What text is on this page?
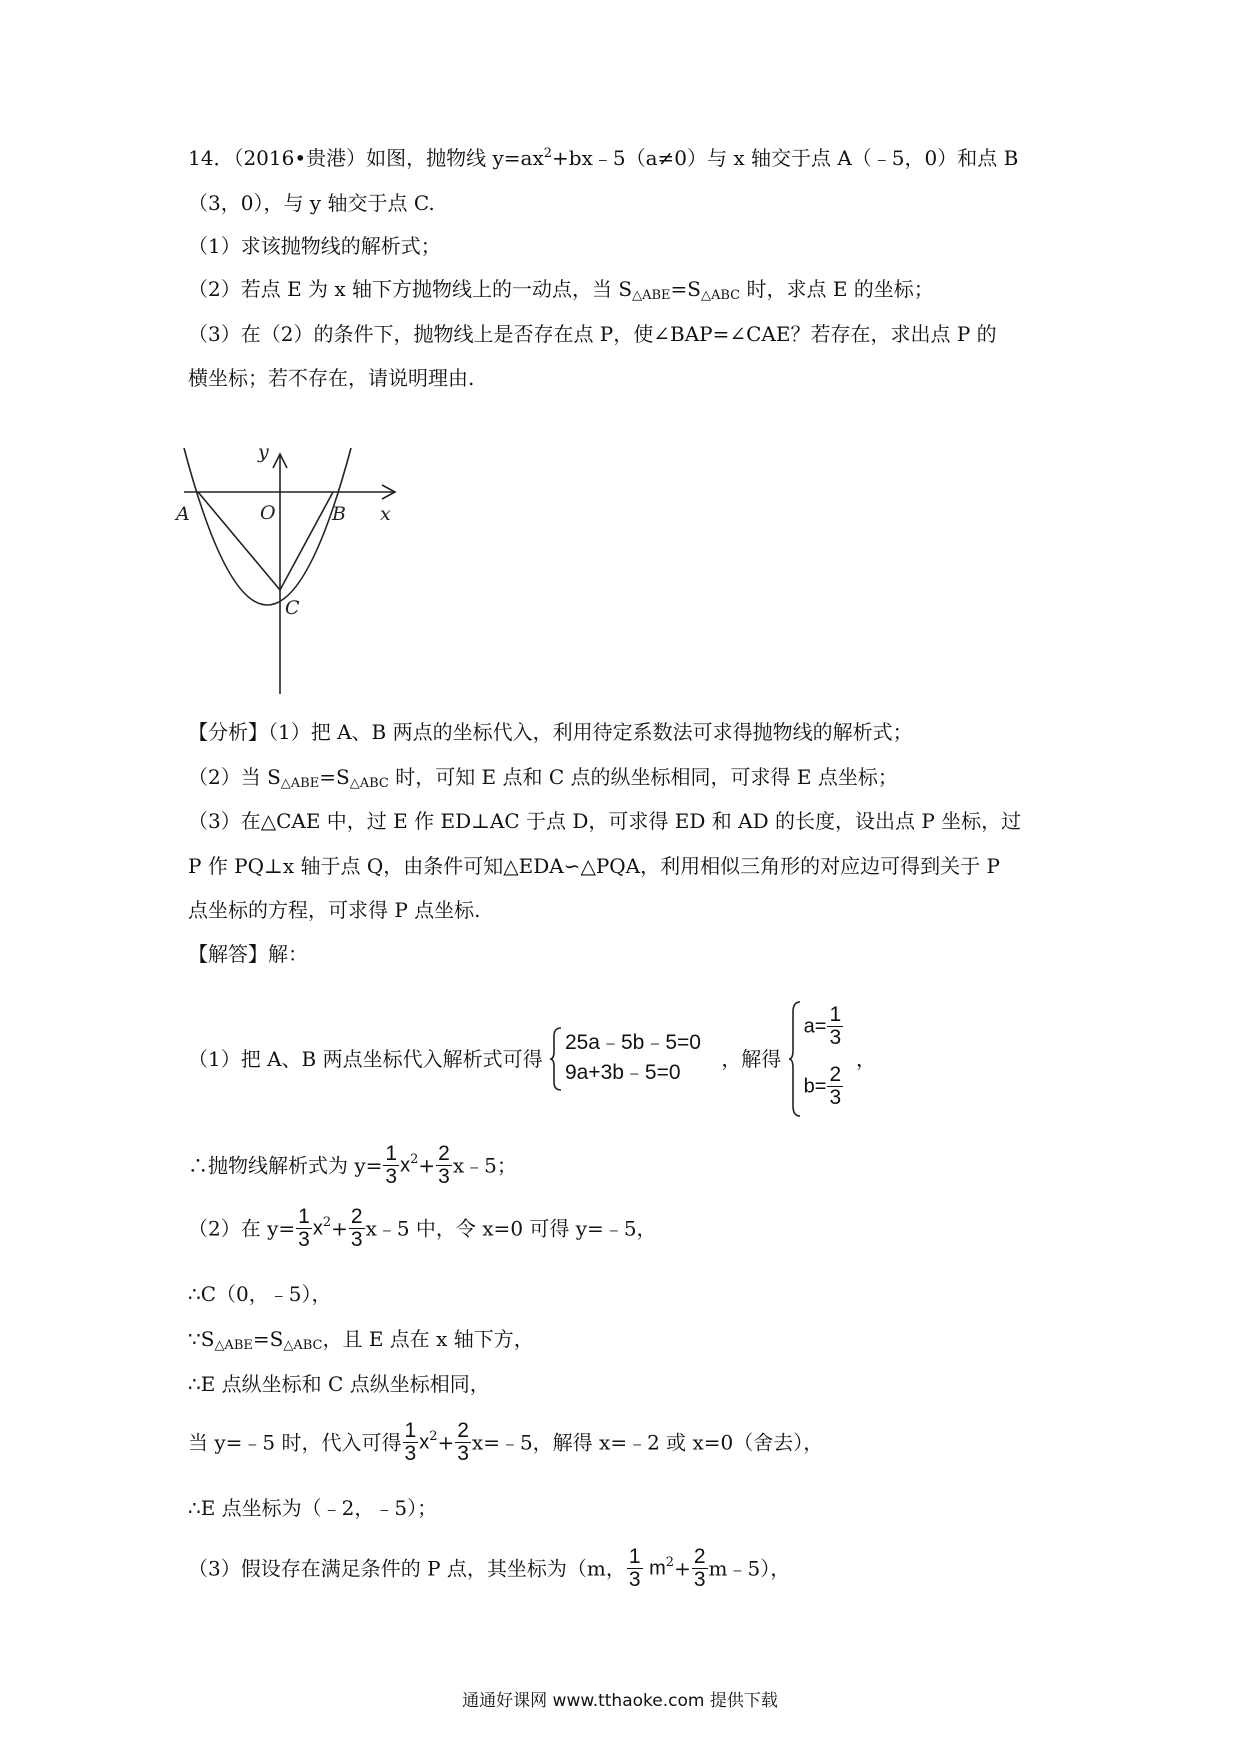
14．（2016•贵港）如图，抛物线 $y=ax^2+bx﹣5(a\ne 0)$与 x 轴交于点 A（﹣5，0）和点 B
（3，0），与 y 轴交于点 C.
（1）求该抛物线的解析式；
（2）若点 E 为 x 轴下方抛物线上的一动点，当 $S_{\triangle ABE}=S_{\triangle ABC}$ 时，求点 E 的坐标；
（3）在（2）的条件下，抛物线上是否存在点 P，使∠BAP=∠CAE？若存在，求出点 P 的
横坐标；若不存在，请说明理由.
y
x
A	O	B
C
【分析】（1）把 A、B 两点的坐标代入，利用待定系数法可求得抛物线的解析式；
（2）当 $S_{\triangle ABE}=S_{\triangle ABC}$ 时，可知 E 点和 C 点的纵坐标相同，可求得 E 点坐标；
（3）在△CAE 中，过 E 作 ED⊥AC 于点 D，可求得 ED 和 AD 的长度，设出点 P 坐标，过
P 作 PQ⊥x 轴于点 Q，由条件可知△EDA∽△PQA，利用相似三角形的对应边可得到关于 P
点坐标的方程，可求得 P 点坐标.
【解答】解：
（1）把 A、B 两点坐标代入解析式可得
25a﹣5b﹣5=0
9a+3b﹣5=0
，解得
$a= \frac{1}{3}$
$b= \frac{2}{3}$
，
∴抛物线解析式为 $y= \frac{1}{3} x^2+ \frac{2}{3}$ x﹣5；
（2）在 $y= \frac{1}{3} x^2+ \frac{2}{3}$ x﹣5 中，令 x=0 可得 y=﹣5，
∴C（0，﹣5），
$\because S_{\triangle ABE}=S_{\triangle ABC}$，且 E 点在 x 轴下方，
∴E 点纵坐标和 C 点纵坐标相同，
当 y=﹣5 时，代入可得 $\frac{1}{3} x^2+ \frac{2}{3}$ x=﹣5，解得 x=﹣2 或 x=0（舍去），
∴E 点坐标为（﹣2，﹣5）；
（3）假设存在满足条件的 P 点，其坐标为（m， $\frac{1}{3} m^2+ \frac{2}{3}$ m﹣5），
通通好课网 www.tthaoke.com 提供下载
